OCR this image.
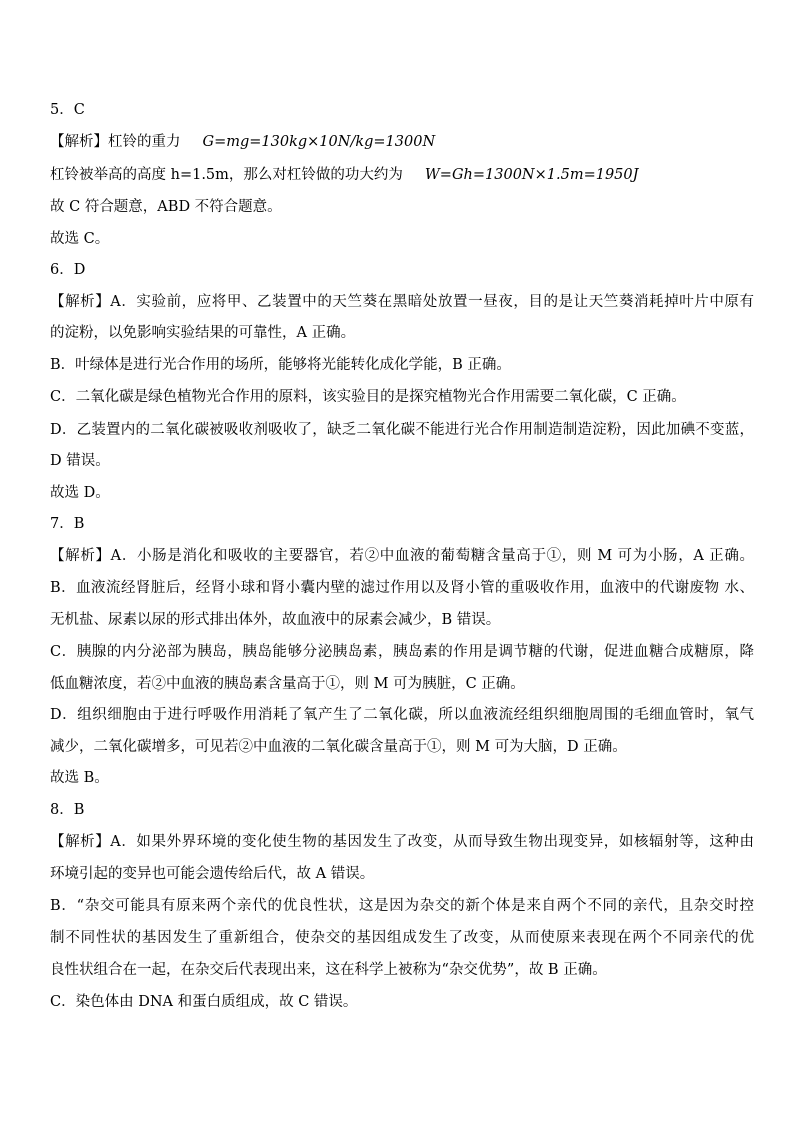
5．C
【解析】杠铃的重力 G=mg=130kg×10N/kg=1300N
杠铃被举高的高度 h=1.5m，那么对杠铃做的功大约为 W=Gh=1300N×1.5m=1950J
故 C 符合题意，ABD 不符合题意。
故选 C。
6．D
【解析】A．实验前，应将甲、乙装置中的天竺葵在黑暗处放置一昼夜，目的是让天竺葵消耗掉叶片中原有
的淀粉，以免影响实验结果的可靠性，A 正确。
B．叶绿体是进行光合作用的场所，能够将光能转化成化学能，B 正确。
C．二氧化碳是绿色植物光合作用的原料，该实验目的是探究植物光合作用需要二氧化碳，C 正确。
D．乙装置内的二氧化碳被吸收剂吸收了，缺乏二氧化碳不能进行光合作用制造制造淀粉，因此加碘不变蓝，
D 错误。
故选 D。
7．B
【解析】A．小肠是消化和吸收的主要器官，若②中血液的葡萄糖含量高于①，则 M 可为小肠，A 正确。
B．血液流经肾脏后，经肾小球和肾小囊内壁的滤过作用以及肾小管的重吸收作用，血液中的代谢废物 水、
无机盐、尿素以尿的形式排出体外，故血液中的尿素会减少，B 错误。
C．胰腺的内分泌部为胰岛，胰岛能够分泌胰岛素，胰岛素的作用是调节糖的代谢，促进血糖合成糖原，降
低血糖浓度，若②中血液的胰岛素含量高于①，则 M 可为胰脏，C 正确。
D．组织细胞由于进行呼吸作用消耗了氧产生了二氧化碳，所以血液流经组织细胞周围的毛细血管时，氧气
减少，二氧化碳增多，可见若②中血液的二氧化碳含量高于①，则 M 可为大脑，D 正确。
故选 B。
8．B
【解析】A．如果外界环境的变化使生物的基因发生了改变，从而导致生物出现变异，如核辐射等，这种由
环境引起的变异也可能会遗传给后代，故 A 错误。
B．“杂交可能具有原来两个亲代的优良性状，这是因为杂交的新个体是来自两个不同的亲代，且杂交时控
制不同性状的基因发生了重新组合，使杂交的基因组成发生了改变，从而使原来表现在两个不同亲代的优
良性状组合在一起，在杂交后代表现出来，这在科学上被称为“杂交优势”，故 B 正确。
C．染色体由 DNA 和蛋白质组成，故 C 错误。
